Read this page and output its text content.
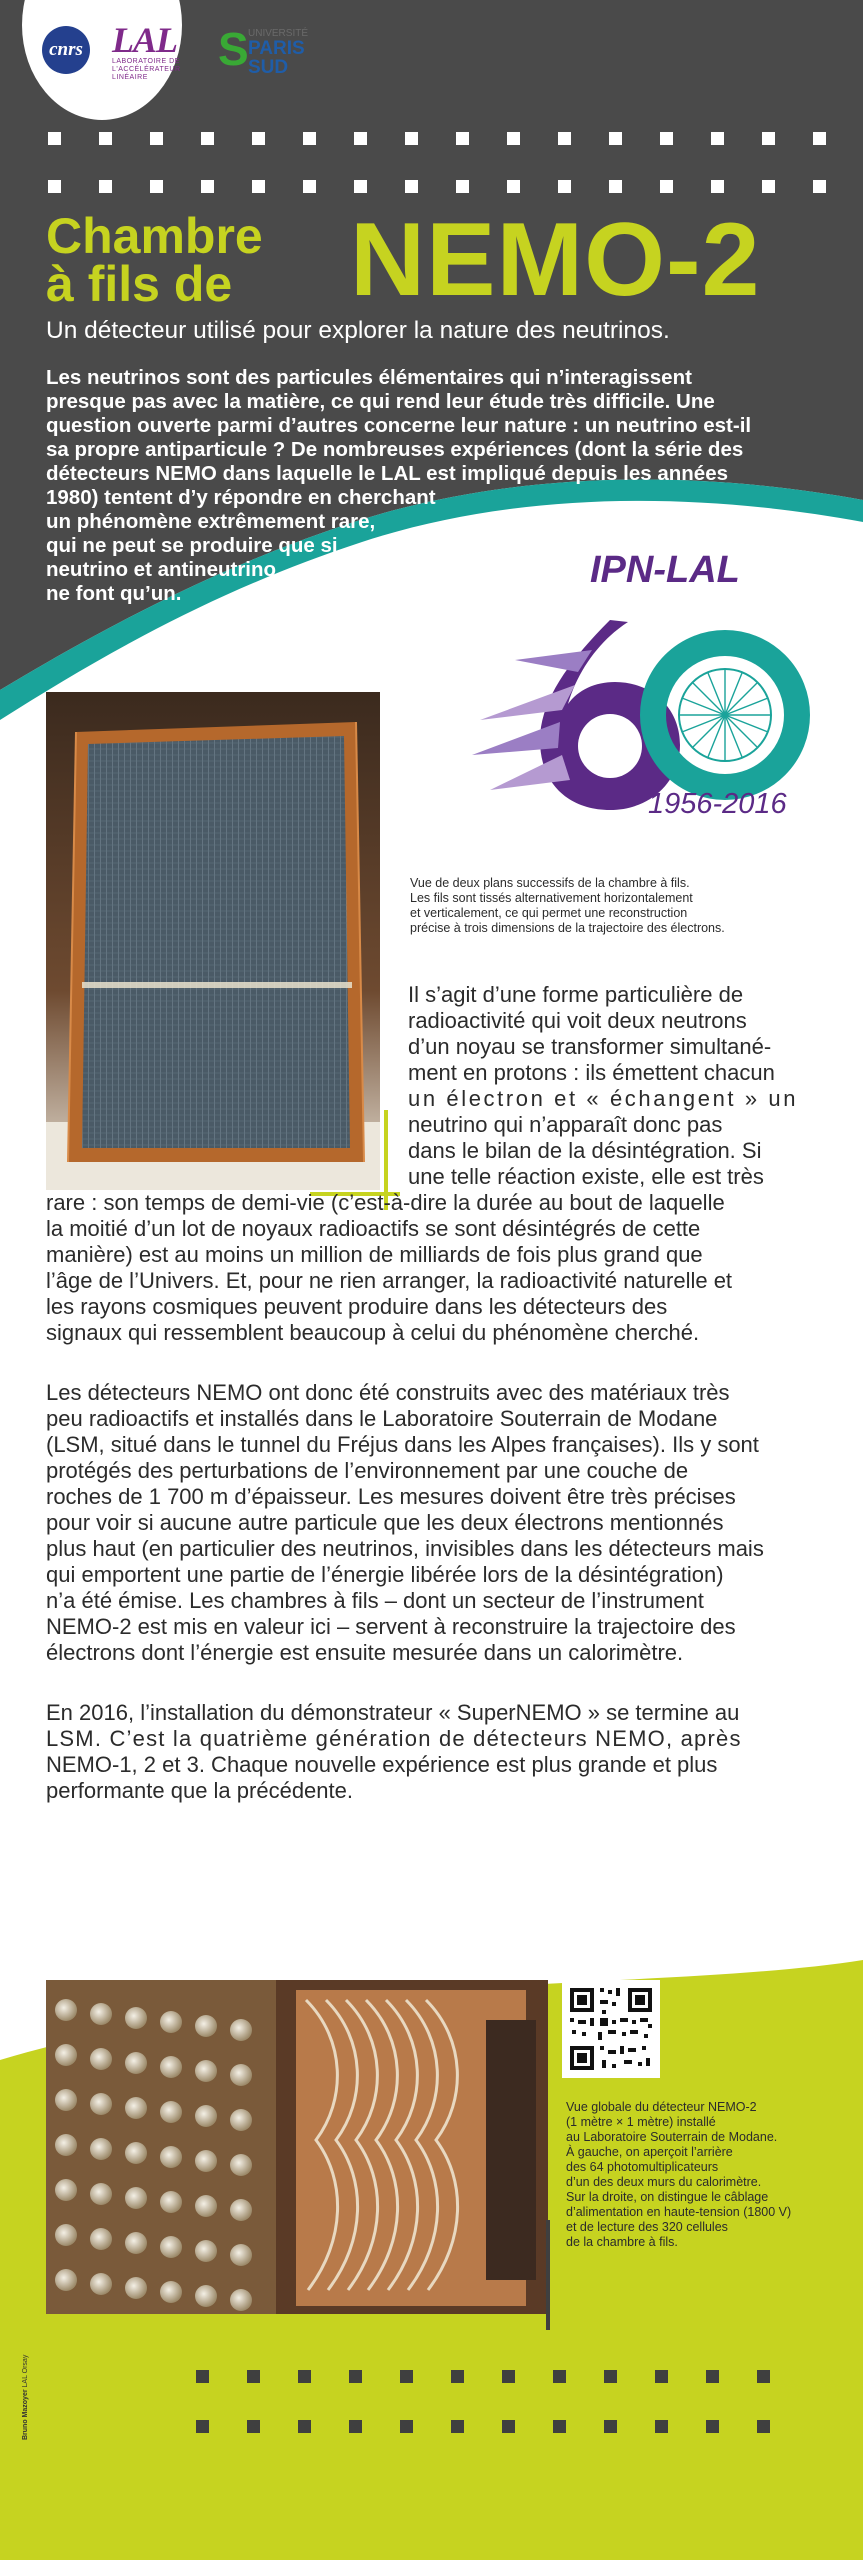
cnrs LAL
LABORATOIRE DE L'ACCÉLÉRATEUR LINÉAIRE
S UNIVERSITÉ
PARIS
SUD
Chambre
à fils de	NEMO-2
Un détecteur utilisé pour explorer la nature des neutrinos.
Les neutrinos sont des particules élémentaires qui n’interagissent
presque pas avec la matière, ce qui rend leur étude très difficile. Une
question ouverte parmi d’autres concerne leur nature : un neutrino est-il
sa propre antiparticule ? De nombreuses expériences (dont la série des
détecteurs NEMO dans laquelle le LAL est impliqué depuis les années
1980) tentent d’y répondre en cherchant
un phénomène extrêmement rare,
qui ne peut se produire que si
neutrino et antineutrino
ne font qu’un.
IPN-LAL
1956-2016
Vue de deux plans successifs de la chambre à fils.
Les fils sont tissés alternativement horizontalement
et verticalement, ce qui permet une reconstruction
précise à trois dimensions de la trajectoire des électrons.
Il s’agit d’une forme particulière de
radioactivité qui voit deux neutrons
d’un noyau se transformer simultané-
ment en protons : ils émettent chacun
un électron et « échangent » un
neutrino qui n’apparaît donc pas
dans le bilan de la désintégration. Si
une telle réaction existe, elle est très
rare : son temps de demi-vie (c’est-à-dire la durée au bout de laquelle
la moitié d’un lot de noyaux radioactifs se sont désintégrés de cette
manière) est au moins un million de milliards de fois plus grand que
l’âge de l’Univers. Et, pour ne rien arranger, la radioactivité naturelle et
les rayons cosmiques peuvent produire dans les détecteurs des
signaux qui ressemblent beaucoup à celui du phénomène cherché.
Les détecteurs NEMO ont donc été construits avec des matériaux très
peu radioactifs et installés dans le Laboratoire Souterrain de Modane
(LSM, situé dans le tunnel du Fréjus dans les Alpes françaises). Ils y sont
protégés des perturbations de l’environnement par une couche de
roches de 1 700 m d’épaisseur. Les mesures doivent être très précises
pour voir si aucune autre particule que les deux électrons mentionnés
plus haut (en particulier des neutrinos, invisibles dans les détecteurs mais
qui emportent une partie de l’énergie libérée lors de la désintégration)
n’a été émise. Les chambres à fils – dont un secteur de l’instrument
NEMO-2 est mis en valeur ici – servent à reconstruire la trajectoire des
électrons dont l’énergie est ensuite mesurée dans un calorimètre.
En 2016, l’installation du démonstrateur « SuperNEMO » se termine au
LSM. C’est la quatrième génération de détecteurs NEMO, après
NEMO-1, 2 et 3. Chaque nouvelle expérience est plus grande et plus
performante que la précédente.
Vue globale du détecteur NEMO-2
(1 mètre × 1 mètre) installé
au Laboratoire Souterrain de Modane.
À gauche, on aperçoit l’arrière
des 64 photomultiplicateurs
d’un des deux murs du calorimètre.
Sur la droite, on distingue le câblage
d’alimentation en haute-tension (1800 V)
et de lecture des 320 cellules
de la chambre à fils.
Bruno Mazoyer LAL Orsay
